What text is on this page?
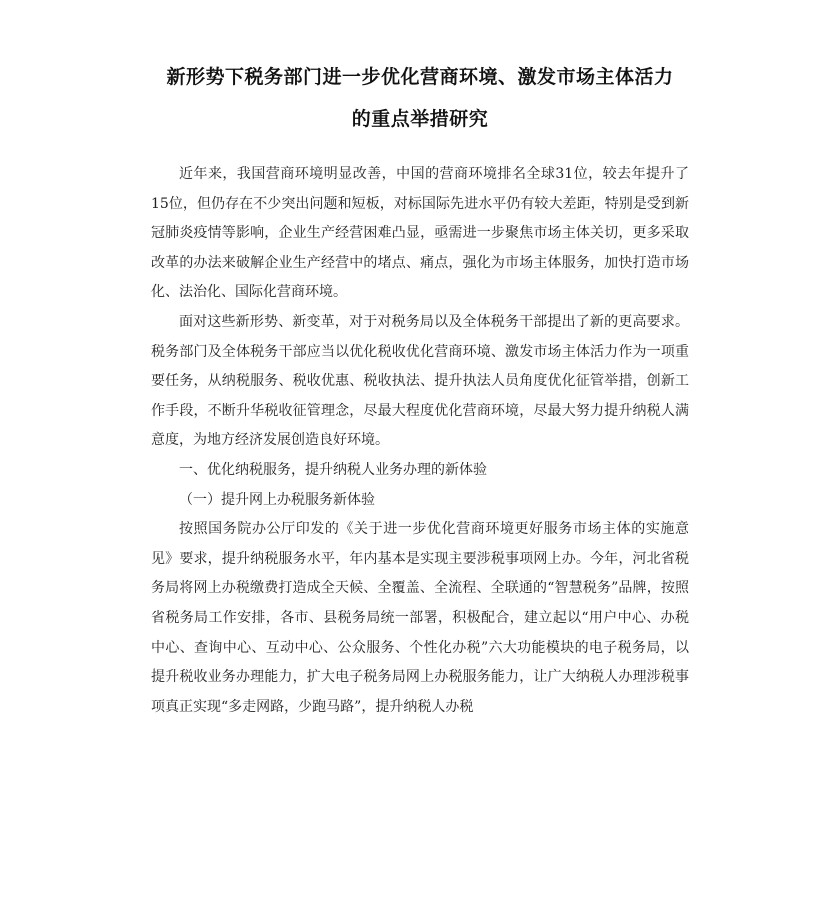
新形势下税务部门进一步优化营商环境、激发市场主体活力
的重点举措研究

近年来，我国营商环境明显改善，中国的营商环境排名全球31位，较去年提升了15位，但仍存在不少突出问题和短板，对标国际先进水平仍有较大差距，特别是受到新冠肺炎疫情等影响，企业生产经营困难凸显，亟需进一步聚焦市场主体关切，更多采取改革的办法来破解企业生产经营中的堵点、痛点，强化为市场主体服务，加快打造市场化、法治化、国际化营商环境。

面对这些新形势、新变革，对于对税务局以及全体税务干部提出了新的更高要求。税务部门及全体税务干部应当以优化税收优化营商环境、激发市场主体活力作为一项重要任务，从纳税服务、税收优惠、税收执法、提升执法人员角度优化征管举措，创新工作手段，不断升华税收征管理念，尽最大程度优化营商环境，尽最大努力提升纳税人满意度，为地方经济发展创造良好环境。

一、优化纳税服务，提升纳税人业务办理的新体验

（一）提升网上办税服务新体验

按照国务院办公厅印发的《关于进一步优化营商环境更好服务市场主体的实施意见》要求，提升纳税服务水平，年内基本是实现主要涉税事项网上办。今年，河北省税务局将网上办税缴费打造成全天候、全覆盖、全流程、全联通的“智慧税务”品牌，按照省税务局工作安排，各市、县税务局统一部署，积极配合，建立起以“用户中心、办税中心、查询中心、互动中心、公众服务、个性化办税”六大功能模块的电子税务局，以提升税收业务办理能力，扩大电子税务局网上办税服务能力，让广大纳税人办理涉税事项真正实现“多走网路，少跑马路”，提升纳税人办税
